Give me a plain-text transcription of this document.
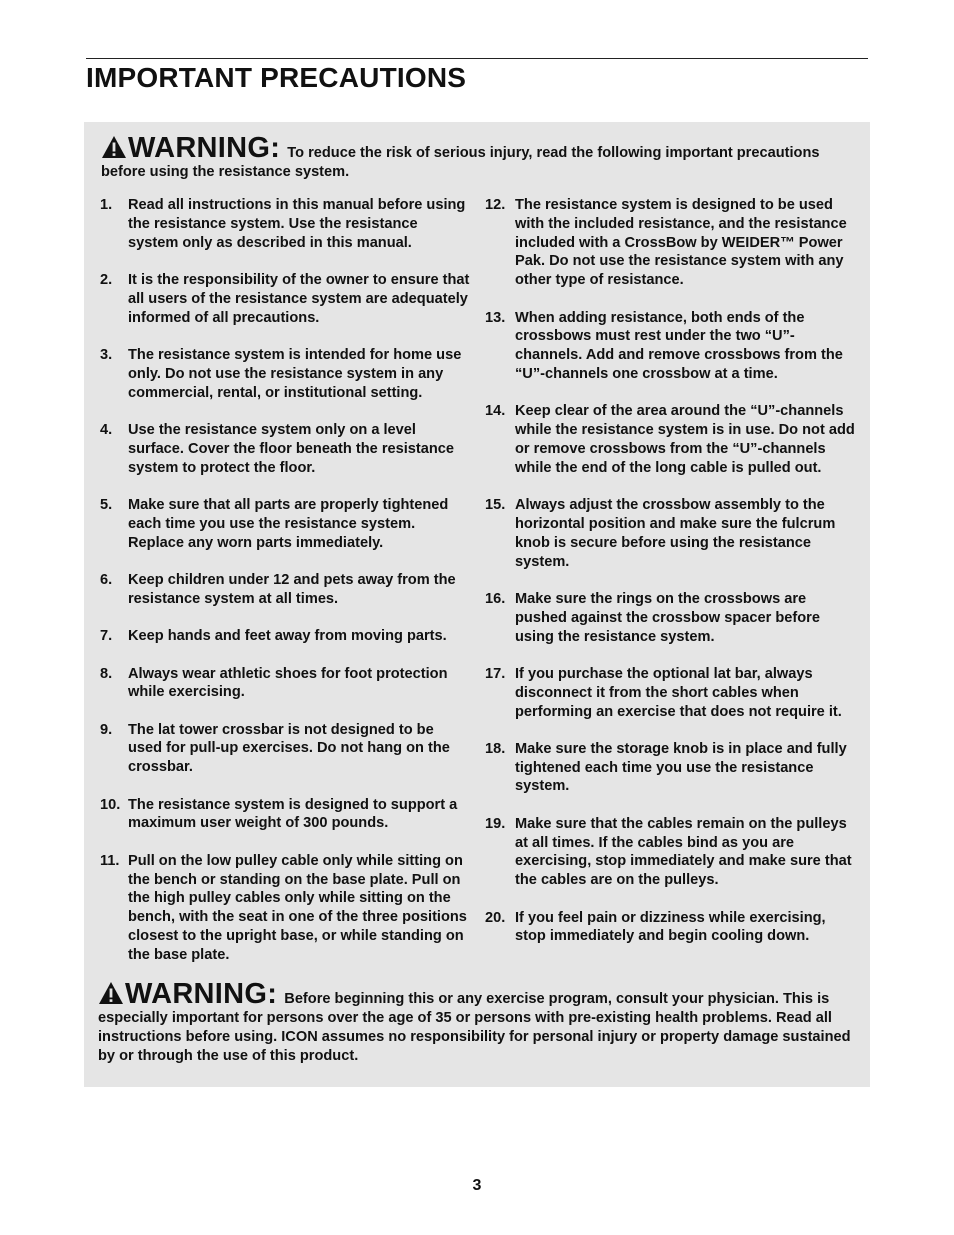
IMPORTANT PRECAUTIONS
WARNING: To reduce the risk of serious injury, read the following important precautions before using the resistance system.
1. Read all instructions in this manual before using the resistance system. Use the resistance system only as described in this manual.
2. It is the responsibility of the owner to ensure that all users of the resistance system are adequately informed of all precautions.
3. The resistance system is intended for home use only. Do not use the resistance system in any commercial, rental, or institutional setting.
4. Use the resistance system only on a level surface. Cover the floor beneath the resistance system to protect the floor.
5. Make sure that all parts are properly tightened each time you use the resistance system. Replace any worn parts immediately.
6. Keep children under 12 and pets away from the resistance system at all times.
7. Keep hands and feet away from moving parts.
8. Always wear athletic shoes for foot protection while exercising.
9. The lat tower crossbar is not designed to be used for pull-up exercises. Do not hang on the crossbar.
10. The resistance system is designed to support a maximum user weight of 300 pounds.
11. Pull on the low pulley cable only while sitting on the bench or standing on the base plate. Pull on the high pulley cables only while sitting on the bench, with the seat in one of the three positions closest to the upright base, or while standing on the base plate.
12. The resistance system is designed to be used with the included resistance, and the resistance included with a CrossBow by WEIDER™ Power Pak. Do not use the resistance system with any other type of resistance.
13. When adding resistance, both ends of the crossbows must rest under the two “U”-channels. Add and remove crossbows from the “U”-channels one crossbow at a time.
14. Keep clear of the area around the “U”-channels while the resistance system is in use. Do not add or remove crossbows from the “U”-channels while the end of the long cable is pulled out.
15. Always adjust the crossbow assembly to the horizontal position and make sure the fulcrum knob is secure before using the resistance system.
16. Make sure the rings on the crossbows are pushed against the crossbow spacer before using the resistance system.
17. If you purchase the optional lat bar, always disconnect it from the short cables when performing an exercise that does not require it.
18. Make sure the storage knob is in place and fully tightened each time you use the resistance system.
19. Make sure that the cables remain on the pulleys at all times. If the cables bind as you are exercising, stop immediately and make sure that the cables are on the pulleys.
20. If you feel pain or dizziness while exercising, stop immediately and begin cooling down.
WARNING: Before beginning this or any exercise program, consult your physician. This is especially important for persons over the age of 35 or persons with pre-existing health problems. Read all instructions before using. ICON assumes no responsibility for personal injury or property damage sustained by or through the use of this product.
3
